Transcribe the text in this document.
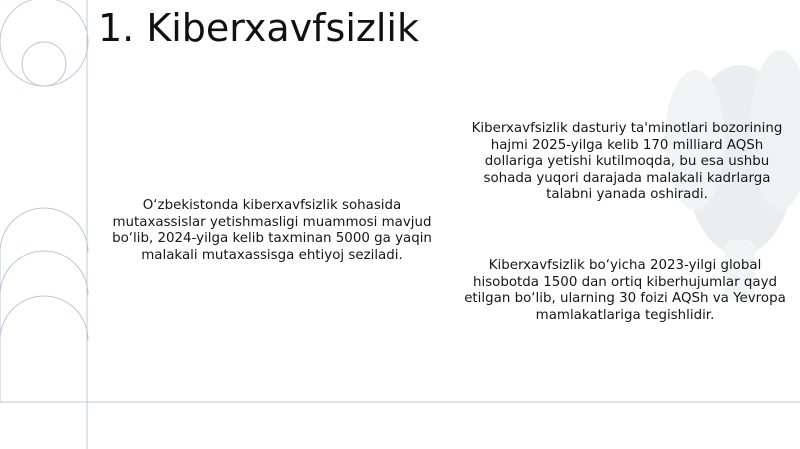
1. Kiberxavfsizlik

O‘zbekistonda kiberxavfsizlik sohasida mutaxassislar yetishmasligi muammosi mavjud bo‘lib, 2024-yilga kelib taxminan 5000 ga yaqin malakali mutaxassisga ehtiyoj seziladi.

Kiberxavfsizlik dasturiy ta'minotlari bozorining hajmi 2025-yilga kelib 170 milliard AQSh dollariga yetishi kutilmoqda, bu esa ushbu sohada yuqori darajada malakali kadrlarga talabni yanada oshiradi.

Kiberxavfsizlik bo‘yicha 2023-yilgi global hisobotda 1500 dan ortiq kiberhujumlar qayd etilgan bo‘lib, ularning 30 foizi AQSh va Yevropa mamlakatlariga tegishlidir.
